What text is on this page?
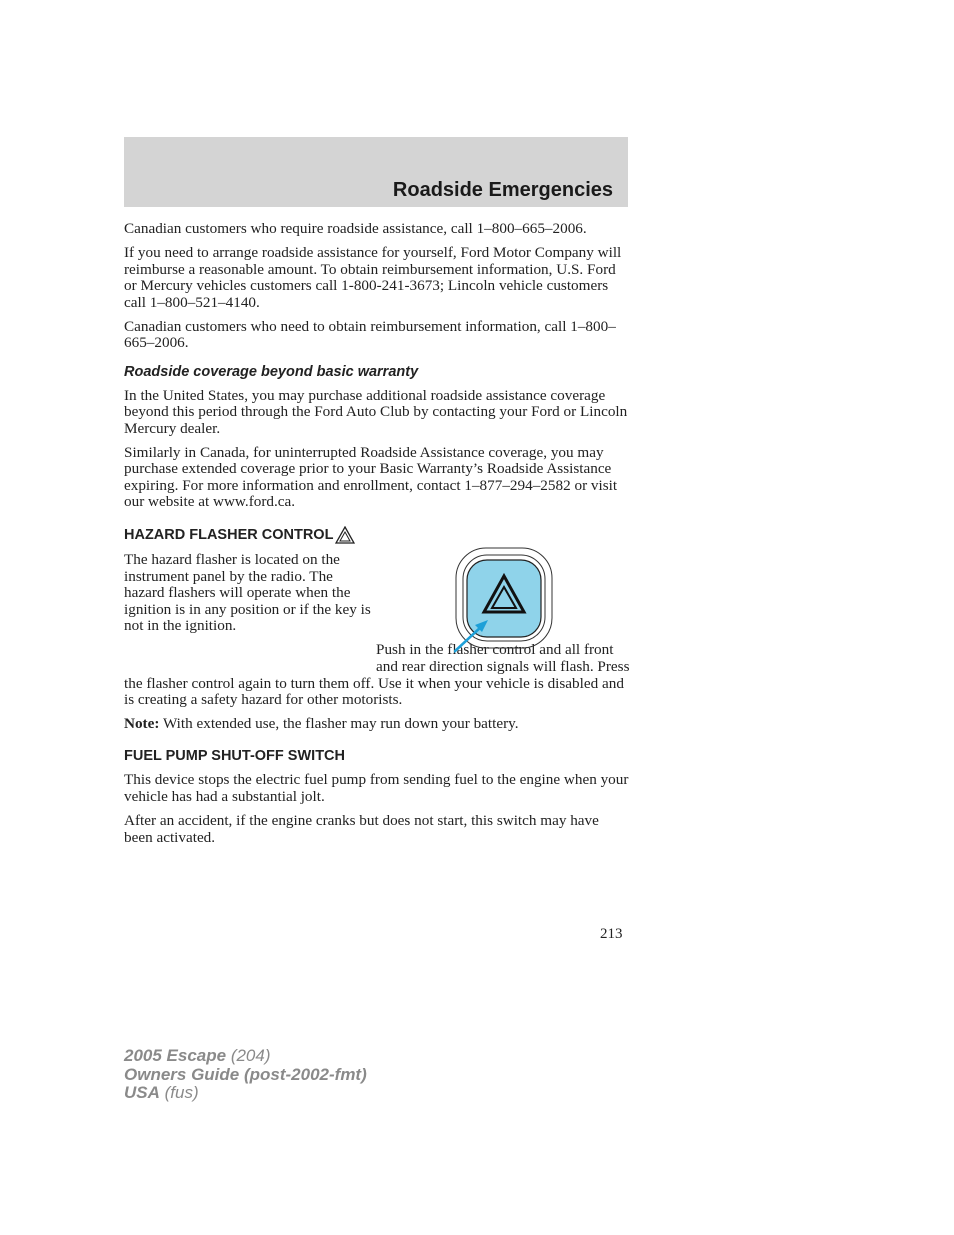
Roadside Emergencies

Canadian customers who require roadside assistance, call 1–800–665–2006.

If you need to arrange roadside assistance for yourself, Ford Motor Company will reimburse a reasonable amount. To obtain reimbursement information, U.S. Ford or Mercury vehicles customers call 1-800-241-3673; Lincoln vehicle customers call 1–800–521–4140.

Canadian customers who need to obtain reimbursement information, call 1–800–665–2006.

Roadside coverage beyond basic warranty

In the United States, you may purchase additional roadside assistance coverage beyond this period through the Ford Auto Club by contacting your Ford or Lincoln Mercury dealer.

Similarly in Canada, for uninterrupted Roadside Assistance coverage, you may purchase extended coverage prior to your Basic Warranty’s Roadside Assistance expiring. For more information and enrollment, contact 1–877–294–2582 or visit our website at www.ford.ca.

HAZARD FLASHER CONTROL

The hazard flasher is located on the instrument panel by the radio. The hazard flashers will operate when the ignition is in any position or if the key is not in the ignition.

Push in the flasher control and all front and rear direction signals will flash. Press the flasher control again to turn them off. Use it when your vehicle is disabled and is creating a safety hazard for other motorists.

Note: With extended use, the flasher may run down your battery.

FUEL PUMP SHUT-OFF SWITCH

This device stops the electric fuel pump from sending fuel to the engine when your vehicle has had a substantial jolt.

After an accident, if the engine cranks but does not start, this switch may have been activated.

213
2005 Escape (204)
Owners Guide (post-2002-fmt)
USA (fus)
